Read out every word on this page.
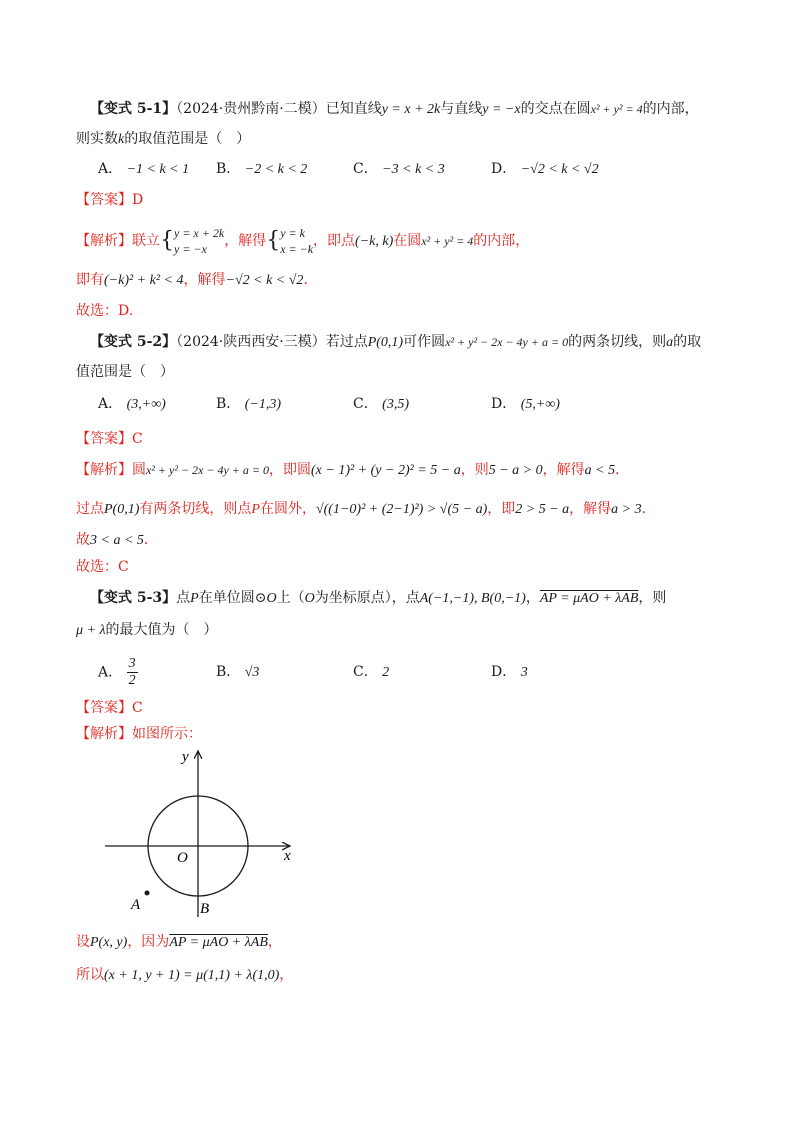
【变式 5-1】（2024·贵州黔南·二模）已知直线y = x + 2k与直线y = −x的交点在圆x² + y² = 4的内部，
则实数k的取值范围是（　）
A． −1 < k < 1 B． −2 < k < 2	C． −3 < k < 3	D． −√2 < k < √2
【答案】D
【解析】联立{ y = x + 2k
y = −x	，解得{ y = k
x = −k ，即点(−k, k)在圆x² + y² = 4的内部，
即有(−k)² + k² < 4，解得−√2 < k < √2．
故选：D.
【变式 5-2】（2024·陕西西安·三模）若过点P(0,1)可作圆x² + y² − 2x − 4y + a = 0的两条切线，则a的取
值范围是（　）
A． (3,+∞)	B． (−1,3)	C． (3,5)	D． (5,+∞)
【答案】C
【解析】圆x² + y² − 2x − 4y + a = 0，即圆(x − 1)² + (y − 2)² = 5 − a，则5 − a > 0，解得a < 5．
过点P(0,1)有两条切线，则点P在圆外，√((1−0)² + (2−1)²) > √(5 − a)，即2 > 5 − a，解得a > 3．
故3 < a < 5．
故选：C
【变式 5-3】点P在单位圆⊙O上（O为坐标原点），点A(−1,−1), B(0,−1)，AP = μAO + λAB，则
μ + λ的最大值为（　）
A． $\frac{3}{2}$	B． √3	C． 2	D． 3
【答案】C
【解析】如图所示：
y
x
O
A	B
设P(x, y)，因为AP = μAO + λAB，
所以(x + 1, y + 1) = μ(1,1) + λ(1,0)，
